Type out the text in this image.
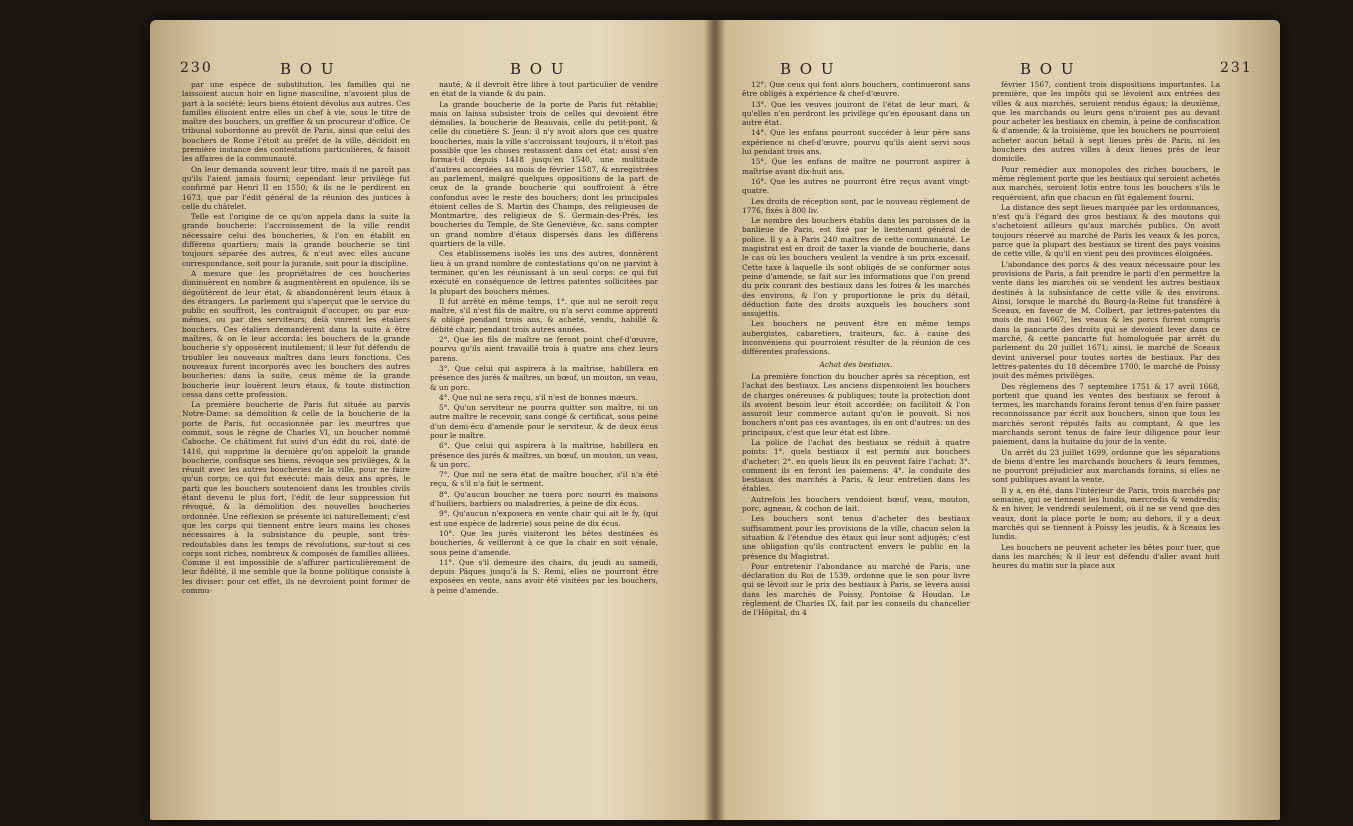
230	B O U	B O U

par une espèce de substitution, les familles qui ne laissoient aucun hoir en ligne masculine, n'avoient plus de part à la société; leurs biens étoient dévolus aux autres. Ces familles élisoient entre elles un chef à vie, sous le titre de maître des bouchers, un greffier & un procureur d'office. Ce tribunal subordonné au prevôt de Paris, ainsi que celui des bouchers de Rome l'étoit au préfet de la ville, décidoit en première instance des contestations particulières, & faisoit les affaires de la communauté.

On leur demanda souvent leur titre, mais il ne paroît pas qu'ils l'aient jamais fourni; cependant leur privilège fut confirmé par Henri II en 1550; & ils ne le perdirent en 1673, que par l'édit général de la réunion des justices à celle du châtelet.

Telle est l'origine de ce qu'on appela dans la suite la grande boucherie: l'accroissement de la ville rendit nécessaire celui des boucheries, & l'on en établit en différens quartiers; mais la grande boucherie se tint toujours séparée des autres, & n'eut avec elles aucune correspondance, soit pour la jurande, soit pour la discipline.

A mesure que les propriétaires de ces boucheries diminuèrent en nombre & augmentèrent en opulence, ils se dégoûtèrent de leur état, & abandonnèrent leurs étaux à des étrangers. Le parlement qui s'aperçut que le service du public en souffroit, les contraignit d'occuper, ou par eux-mêmes, ou par des serviteurs; delà vinrent les étaliers bouchers. Ces étaliers demandèrent dans la suite à être maîtres, & on le leur accorda: les bouchers de la grande boucherie s'y opposèrent inutilement; il leur fut défendu de troubler les nouveaux maîtres dans leurs fonctions. Ces nouveaux furent incorporés avec les bouchers des autres boucheries: dans la suite, ceux même de la grande boucherie leur louèrent leurs étaux, & toute distinction cessa dans cette profession.

La première boucherie de Paris fut située au parvis Notre-Dame: sa démolition & celle de la boucherie de la porte de Paris, fut occasionnée par les meurtres que commit, sous le règne de Charles VI, un boucher nommé Caboche. Ce châtiment fut suivi d'un édit du roi, daté de 1416, qui supprime la dernière qu'on appeloit la grande boucherie, confisque ses biens, révoque ses privilèges, & la réunit avec les autres boucheries de la ville, pour ne faire qu'un corps; ce qui fut exécuté: mais deux ans après, le parti que les bouchers soutenoient dans les troubles civils étant devenu le plus fort, l'édit de leur suppression fut révoqué, & la démolition des nouvelles boucheries ordonnée. Une réflexion se présente ici naturellement; c'est que les corps qui tiennent entre leurs mains les choses nécessaires à la subsistance du peuple, sont très-redoutables dans les temps de révolutions, sur-tout si ces corps sont riches, nombreux & composés de familles alliées. Comme il est impossible de s'affurer particulièrement de leur fidélité, il me semble que la bonne politique consiste à les diviser: pour cet effet, ils ne devroient point former de commu-

nauté, & il devroit être libre à tout particulier de vendre en état de la viande & du pain.

La grande boucherie de la porte de Paris fut rétablie; mais on laissa subsister trois de celles qui devoient être démolies, la boucherie de Beauvais, celle du petit-pont, & celle du cimetière S. Jean: il n'y avoit alors que ces quatre boucheries, mais la ville s'accroissant toujours, il n'étoit pas possible que les choses restassent dans cet état; aussi s'en forma-t-il depuis 1418 jusqu'en 1540, une multitude d'autres accordées au mois de février 1587, & enregistrées au parlement, malgré quelques oppositions de la part de ceux de la grande boucherie qui souffroient à être confondus avec le reste des bouchers; dont les principales étoient celles de S. Martin des Champs, des religieuses de Montmartre, des religieux de S. Germain-des-Prés, les boucheries du Temple, de Ste Geneviève, &c. sans compter un grand nombre d'étaux dispersés dans les différens quartiers de la ville.

Ces établissemens isolés les uns des autres, donnèrent lieu à un grand nombre de contestations qu'on ne parvint à terminer, qu'en les réunissant à un seul corps: ce qui fut exécuté en conséquence de lettres patentes sollicitées par la plupart des bouchers mêmes.

Il fut arrêté en même temps, 1°. que nul ne seroit reçu maître, s'il n'est fils de maître, ou n'a servi comme apprenti & obligé pendant trois ans, & acheté, vendu, habillé & débité chair, pendant trois autres années.

2°. Que les fils de maître ne feront point chef-d'œuvre, pourvu qu'ils aient travaillé trois à quatre ans chez leurs parens.

3°. Que celui qui aspirera à la maîtrise, habillera en présence des jurés & maîtres, un bœuf, un mouton, un veau, & un porc.

4°. Que nul ne sera reçu, s'il n'est de bonnes mœurs.

5°. Qu'un serviteur ne pourra quitter son maître, ni un autre maître le recevoir, sans congé & certificat, sous peine d'un demi-écu d'amende pour le serviteur, & de deux écus pour le maître.

6°. Que celui qui aspirera à la maîtrise, habillera en présence des jurés & maîtres, un bœuf, un mouton, un veau, & un porc.

7°. Que nul ne sera état de maître boucher, s'il n'a été reçu, & s'il n'a fait le serment.

8°. Qu'aucun boucher ne tuera porc nourri ès maisons d'huiliers, barbiers ou maladreries, à peine de dix écus.

9°. Qu'aucun n'exposera en vente chair qui ait le fy, (qui est une espèce de ladrerie) sous peine de dix écus.

10°. Que les jurés visiteront les bêtes destinées ès boucheries, & veilleront à ce que la chair en soit vénale, sous peine d'amende.

11°. Que s'il demeure des chairs, du jeudi au samedi, depuis Pâques jusqu'à la S. Remi, elles ne pourront être exposées en vente, sans avoir été visitées par les bouchers, à peine d'amende.

B O U	B O U	231

12°. Que ceux qui font alors bouchers, continueront sans être obligés à expérience & chef-d'œuvre.

13°. Que les veuves jouiront de l'état de leur mari, & qu'elles n'en perdront les privilège qu'en épousant dans un autre état.

14°. Que les enfans pourront succéder à leur père sans expérience ni chef-d'œuvre, pourvu qu'ils aient servi sous lui pendant trois ans.

15°. Que les enfans de maître ne pourront aspirer à maîtrise avant dix-huit ans.

16°. Que les autres ne pourront être reçus avant vingt-quatre.

Les droits de réception sont, par le nouveau règlement de 1776, fixés à 800 liv.

Le nombre des bouchers établis dans les paroisses de la banlieue de Paris, est fixé par le lieutenant général de police. Il y a à Paris 240 maîtres de cette communauté. Le magistrat est en droit de taxer la viande de boucherie, dans le cas où les bouchers veulent la vendre à un prix excessif. Cette taxe à laquelle ils sont obligés de se conformer sous peine d'amende, se fait sur les informations que l'on prend du prix courant des bestiaux dans les foires & les marchés des environs, & l'on y proportionne le prix du détail, déduction faite des droits auxquels les bouchers sont assujettis.

Les bouchers ne peuvent être en même temps aubergistes, cabaretiers, traiteurs, &c. à cause des inconvéniens qui pourroient résulter de la réunion de ces différentes professions.

Achat des bestiaux.

La première fonction du boucher après sa réception, est l'achat des bestiaux. Les anciens dispensoient les bouchers de charges onéreuses & publiques; toute la protection dont ils avoient besoin leur étoit accordée; on facilitoit & l'on assuroit leur commerce autant qu'on le pouvoit. Si nos bouchers n'ont pas ces avantages, ils en ont d'autres: un des principaux, c'est que leur état est libre.

La police de l'achat des bestiaux se réduit à quatre points: 1°. quels bestiaux il est permis aux bouchers d'acheter: 2°. en quels lieux ils en peuvent faire l'achat: 3°. comment ils en feront les paiemens: 4°. la conduite des bestiaux des marchés à Paris, & leur entretien dans les étables.

Autrefois les bouchers vendoient bœuf, veau, mouton, porc, agneau, & cochon de lait.

Les bouchers sont tenus d'acheter des bestiaux suffisamment pour les provisions de la ville, chacun selon la situation & l'étendue des étaux qui leur sont adjugés; c'est une obligation qu'ils contractent envers le public en la présence du Magistrat.

Pour entretenir l'abondance au marché de Paris, une déclaration du Roi de 1539, ordonne que le son pour livre qui se lèvoit sur le prix des bestiaux à Paris, se lèvera aussi dans les marchés de Poissy, Pontoise & Houdan. Le règlement de Charles IX, fait par les conseils du chancelier de l'Hôpital, du 4

février 1567, contient trois dispositions importantes. La première, que les impôts qui se lèvoient aux entrées des villes & aux marchés, seroient rendus égaux; la deuxième, que les marchands ou leurs gens n'iroient pas au devant pour acheter les bestiaux en chemin, à peine de confiscation & d'amende; & la troisième, que les bouchers ne pourroient acheter aucun bétail à sept lieues près de Paris, ni les bouchers des autres villes à deux lieues près de leur domicile.

Pour remédier aux monopoles des riches bouchers, le même règlement porte que les bestiaux qui seroient achetés aux marchés, seroient lotis entre tous les bouchers s'ils le requéroient, afin que chacun en fût également fourni.

La distance des sept lieues marquée par les ordonnances, n'est qu'à l'égard des gros bestiaux & des moutons qui s'achetoient ailleurs qu'aux marchés publics. On avoit toujours réservé au marché de Paris les veaux & les porcs, parce que la plupart des bestiaux se tirent des pays voisins de cette ville, & qu'il en vient peu des provinces éloignées.

L'abondance des porcs & des veaux nécessaire pour les provisions de Paris, a fait prendre le parti d'en permettre la vente dans les marchés où se vendent les autres bestiaux destinés à la subsistance de cette ville & des environs. Ainsi, lorsque le marché du Bourg-la-Reine fut transféré à Sceaux, en faveur de M. Colbert, par lettres-patentes du mois de mai 1667, les veaux & les porcs furent compris dans la pancarte des droits qui se devoient lever dans ce marché, & cette pancarte fut homologuée par arrêt du parlement du 20 juillet 1671; ainsi, le marché de Sceaux devint universel pour toutes sortes de bestiaux. Par des lettres-patentes du 18 décembre 1700, le marché de Poissy jouit des mêmes privilèges.

Des règlemens des 7 septembre 1751 & 17 avril 1668, portent que quand les ventes des bestiaux se feront à termes, les marchands forains feront tenus d'en faire passer reconnoissance par écrit aux bouchers, sinon que tous les marchés seront réputés faits au comptant, & que les marchands seront tenus de faire leur diligence pour leur paiement, dans la huitaine du jour de la vente.

Un arrêt du 23 juillet 1699, ordonne que les séparations de biens d'entre les marchands bouchers & leurs femmes, ne pourront préjudicier aux marchands forains, si elles ne sont publiques avant la vente.

Il y a, en été, dans l'intérieur de Paris, trois marchés par semaine, qui se tiennent les lundis, mercredis & vendredis; & en hiver, le vendredi seulement, où il ne se vend que des veaux, dont la place porte le nom; au dehors, il y a deux marchés qui se tiennent à Poissy les jeudis, & à Sceaux les lundis.

Les bouchers ne peuvent acheter les bêtes pour tuer, que dans les marchés; & il leur est défendu d'aller avant huit heures du matin sur la place aux
